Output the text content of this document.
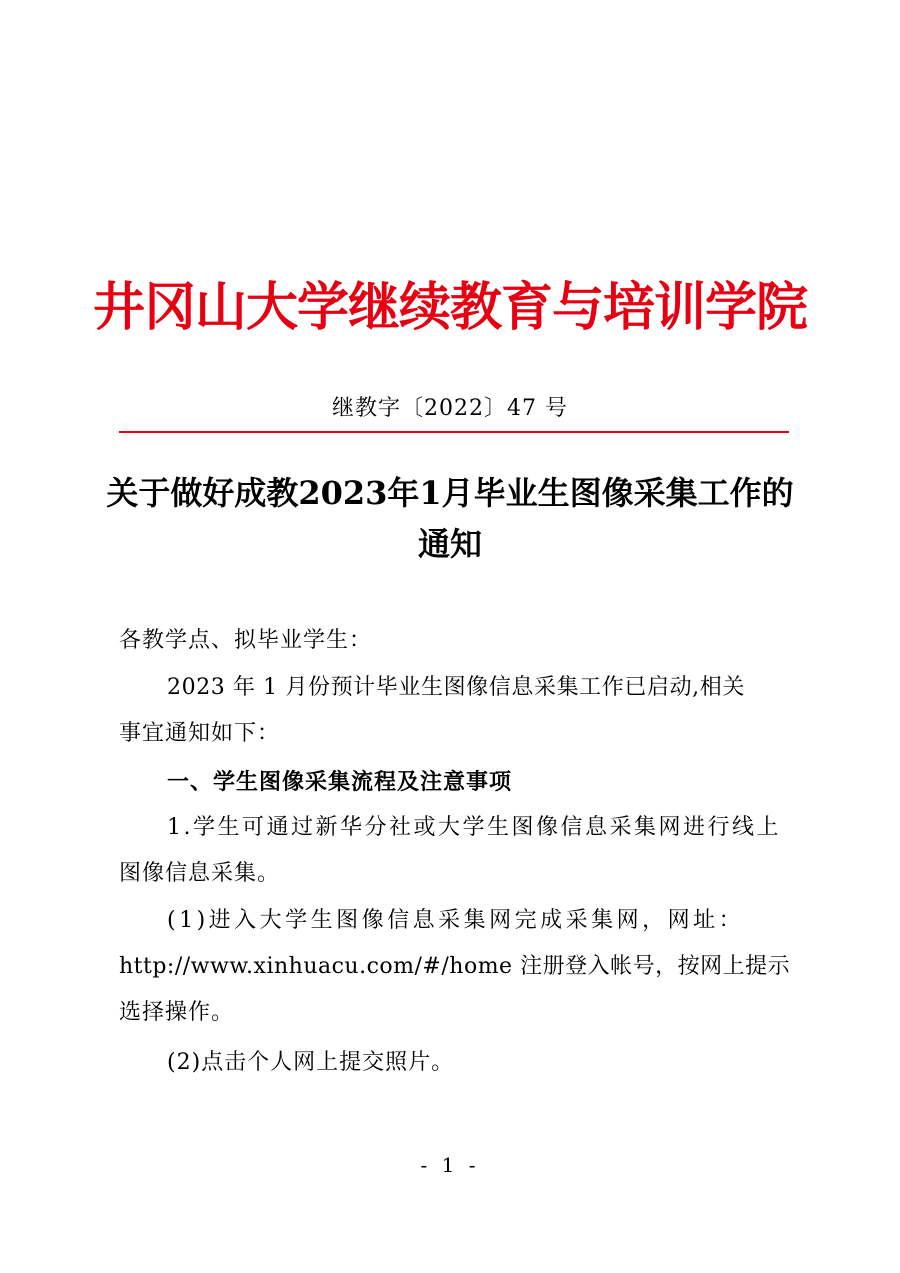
井冈山大学继续教育与培训学院
继教字〔2022〕47 号
关于做好成教2023年1月毕业生图像采集工作的通知
各教学点、拟毕业学生：
2023 年 1 月份预计毕业生图像信息采集工作已启动,相关
事宜通知如下：
一、学生图像采集流程及注意事项
1.学生可通过新华分社或大学生图像信息采集网进行线上
图像信息采集。
(1)进入大学生图像信息采集网完成采集网，网址：
http://www.xinhuacu.com/#/home 注册登入帐号，按网上提示
选择操作。
(2)点击个人网上提交照片。
- 1 -
